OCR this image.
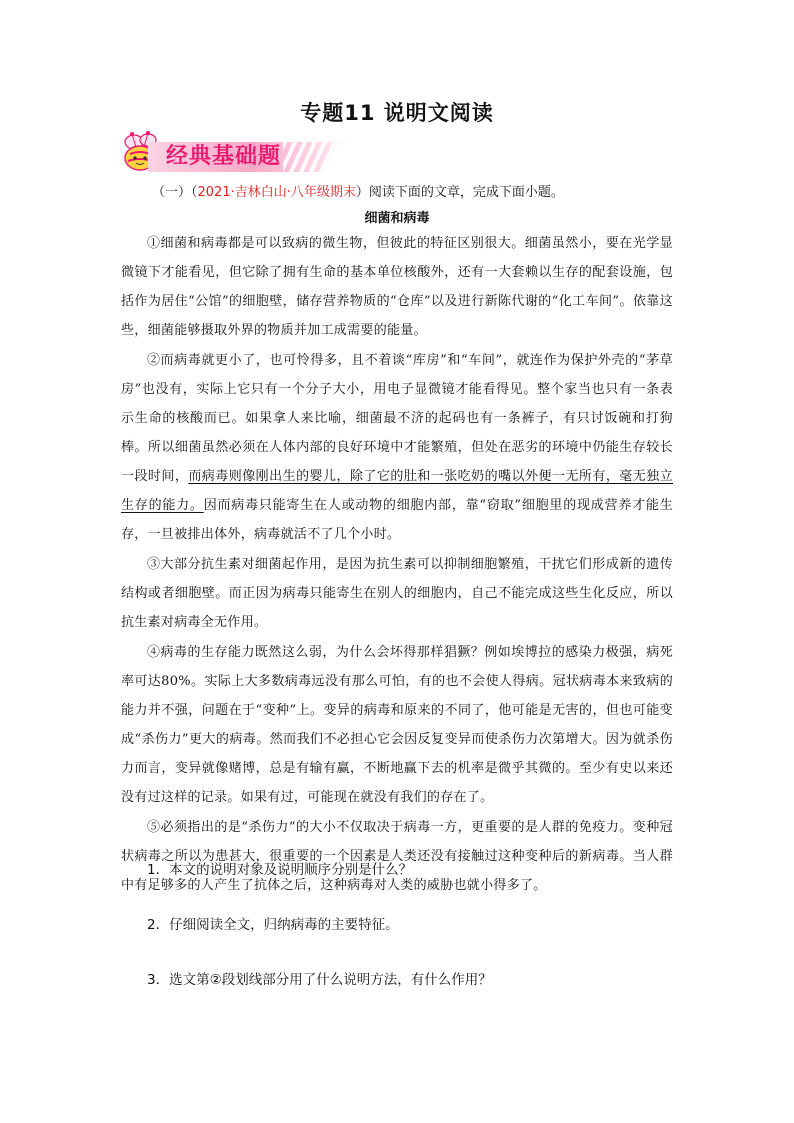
专题11 说明文阅读
经典基础题
（一）（2021·吉林白山·八年级期末）阅读下面的文章，完成下面小题。
细菌和病毒

①细菌和病毒都是可以致病的微生物，但彼此的特征区别很大。细菌虽然小，要在光学显微镜下才能看见，但它除了拥有生命的基本单位核酸外，还有一大套赖以生存的配套设施，包括作为居住“公馆”的细胞壁，储存营养物质的“仓库”以及进行新陈代谢的“化工车间”。依靠这些，细菌能够摄取外界的物质并加工成需要的能量。

②而病毒就更小了，也可怜得多，且不着谈“库房”和“车间”，就连作为保护外壳的“茅草房”也没有，实际上它只有一个分子大小，用电子显微镜才能看得见。整个家当也只有一条表示生命的核酸而已。如果拿人来比喻，细菌最不济的起码也有一条裤子，有只讨饭碗和打狗棒。所以细菌虽然必须在人体内部的良好环境中才能繁殖，但处在恶劣的环境中仍能生存较长一段时间，而病毒则像刚出生的婴儿，除了它的肚和一张吃奶的嘴以外便一无所有，毫无独立生存的能力。因而病毒只能寄生在人或动物的细胞内部，靠“窃取”细胞里的现成营养才能生存，一旦被排出体外，病毒就活不了几个小时。

③大部分抗生素对细菌起作用，是因为抗生素可以抑制细胞繁殖，干扰它们形成新的遗传结构或者细胞壁。而正因为病毒只能寄生在别人的细胞内，自己不能完成这些生化反应，所以抗生素对病毒全无作用。

④病毒的生存能力既然这么弱，为什么会坏得那样猖獗？例如埃博拉的感染力极强，病死率可达80%。实际上大多数病毒远没有那么可怕，有的也不会使人得病。冠状病毒本来致病的能力并不强，问题在于“变种”上。变异的病毒和原来的不同了，他可能是无害的，但也可能变成“杀伤力”更大的病毒。然而我们不必担心它会因反复变异而使杀伤力次第增大。因为就杀伤力而言，变异就像赌博，总是有输有赢，不断地赢下去的机率是微乎其微的。至少有史以来还没有过这样的记录。如果有过，可能现在就没有我们的存在了。

⑤必须指出的是“杀伤力”的大小不仅取决于病毒一方，更重要的是人群的免疫力。变种冠状病毒之所以为患甚大，很重要的一个因素是人类还没有接触过这种变种后的新病毒。当人群中有足够多的人产生了抗体之后，这种病毒对人类的威胁也就小得多了。

1．本文的说明对象及说明顺序分别是什么？
2．仔细阅读全文，归纳病毒的主要特征。
3．选文第②段划线部分用了什么说明方法，有什么作用？
